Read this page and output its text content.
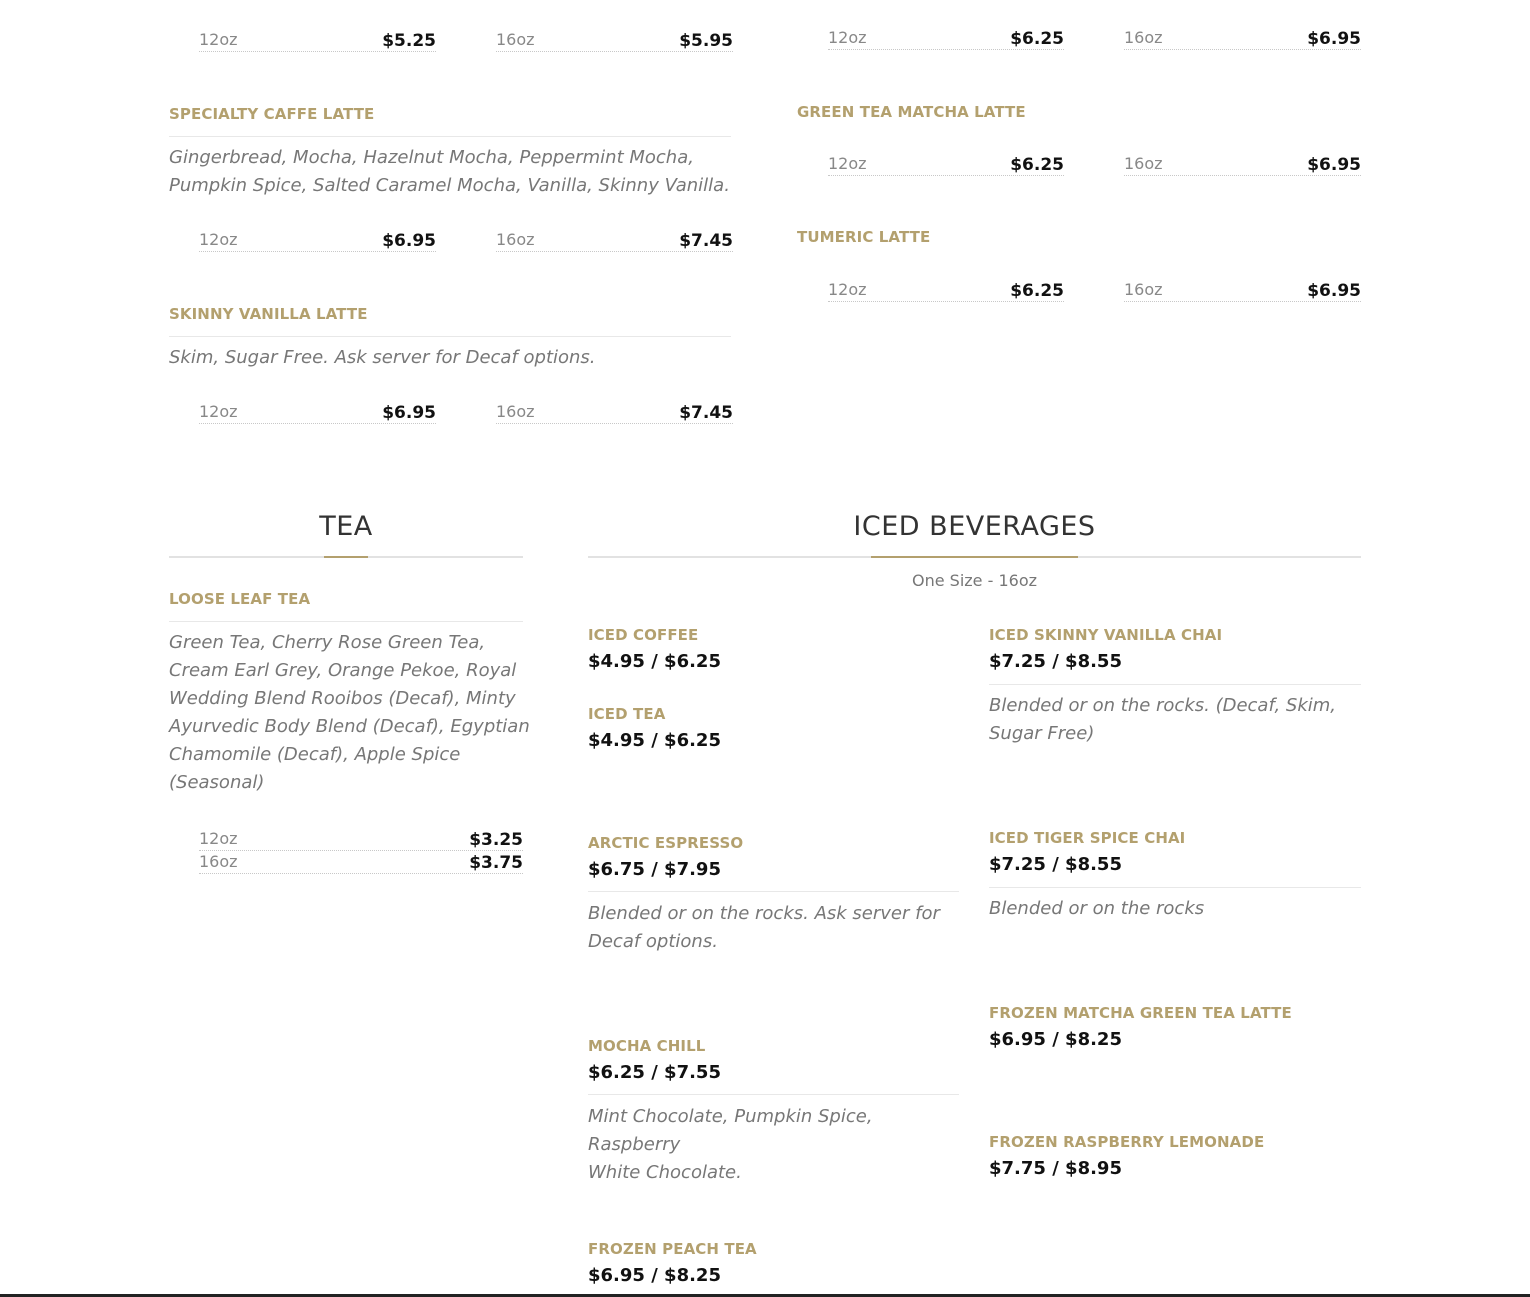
12oz	$5.25	16oz	$5.95	12oz	$6.25	16oz	$6.95
SPECIALTY CAFFE LATTE
Gingerbread, Mocha, Hazelnut Mocha, Peppermint Mocha,
Pumpkin Spice, Salted Caramel Mocha, Vanilla, Skinny Vanilla.
12oz	$6.95	16oz	$7.45
SKINNY VANILLA LATTE
Skim, Sugar Free. Ask server for Decaf options.
12oz	$6.95	16oz	$7.45
GREEN TEA MATCHA LATTE
12oz	$6.25	16oz	$6.95
TUMERIC LATTE
12oz	$6.25	16oz	$6.95
TEA
LOOSE LEAF TEA
Green Tea, Cherry Rose Green Tea,
Cream Earl Grey, Orange Pekoe, Royal
Wedding Blend Rooibos (Decaf), Minty
Ayurvedic Body Blend (Decaf), Egyptian
Chamomile (Decaf), Apple Spice
(Seasonal)
12oz	$3.25
16oz	$3.75
ICED BEVERAGES
One Size - 16oz
ICED COFFEE
$4.95 / $6.25
ICED TEA
$4.95 / $6.25
ARCTIC ESPRESSO
$6.75 / $7.95
Blended or on the rocks. Ask server for
Decaf options.
MOCHA CHILL
$6.25 / $7.55
Mint Chocolate, Pumpkin Spice, Raspberry
White Chocolate.
FROZEN PEACH TEA
$6.95 / $8.25
ICED SKINNY VANILLA CHAI
$7.25 / $8.55
Blended or on the rocks. (Decaf, Skim,
Sugar Free)
ICED TIGER SPICE CHAI
$7.25 / $8.55
Blended or on the rocks
FROZEN MATCHA GREEN TEA LATTE
$6.95 / $8.25
FROZEN RASPBERRY LEMONADE
$7.75 / $8.95
